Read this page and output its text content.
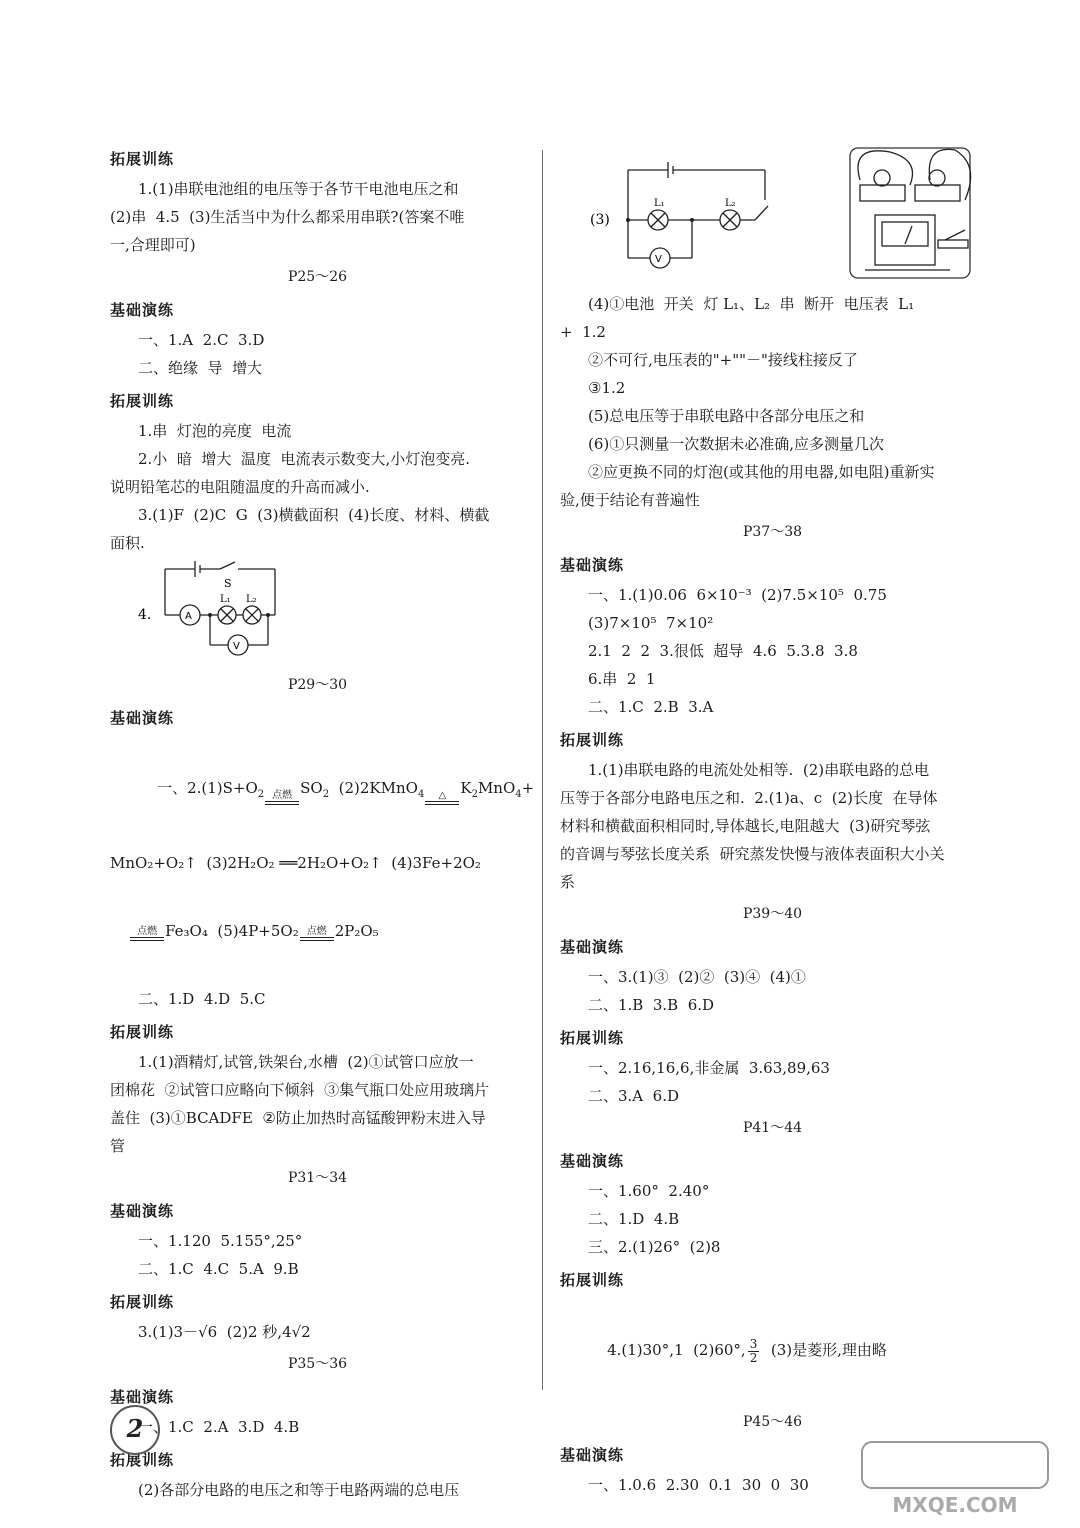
拓展训练
1.(1)串联电池组的电压等于各节干电池电压之和
(2)串  4.5  (3)生活当中为什么都采用串联?(答案不唯
一,合理即可)
P25～26
基础演练
一、1.A  2.C  3.D
二、绝缘  导  增大
拓展训练
1.串  灯泡的亮度  电流
2.小  暗  增大  温度  电流表示数变大,小灯泡变亮.
说明铅笔芯的电阻随温度的升高而减小.
3.(1)F  (2)C  G  (3)横截面积  (4)长度、材料、横截
面积.
4.
S
A
V
L₁ L₂
P29～30
基础演练

一、$2.(1)S+O_2$ 点燃 $SO_2$  (2)2KMnO$_4$	△ $K_2MnO_4+$

MnO₂+O₂↑  (3)2H₂O₂ ══2H₂O+O₂↑  (4)3Fe+2O₂

点燃 Fe₃O₄  (5)4P+5O₂ 点燃 2P₂O₅

二、1.D  4.D  5.C
拓展训练
1.(1)酒精灯,试管,铁架台,水槽  (2)①试管口应放一
团棉花  ②试管口应略向下倾斜  ③集气瓶口处应用玻璃片
盖住  (3)①BCADFE  ②防止加热时高锰酸钾粉末进入导
管
P31～34
基础演练
一、1.120  5.155°,25°
二、1.C  4.C  5.A  9.B
拓展训练
3.(1)3－√6  (2)2 秒,4√2
P35～36
基础演练
一、1.C  2.A  3.D  4.B
拓展训练
(2)各部分电路的电压之和等于电路两端的总电压
(3)
L₁	L₂
V
(4)①电池  开关  灯 L₁、L₂  串  断开  电压表  L₁
+  1.2
②不可行,电压表的"+""－"接线柱接反了
③1.2
(5)总电压等于串联电路中各部分电压之和
(6)①只测量一次数据未必准确,应多测量几次
②应更换不同的灯泡(或其他的用电器,如电阻)重新实
验,便于结论有普遍性
P37～38
基础演练
一、1.(1)0.06  6×10⁻³  (2)7.5×10⁵  0.75
(3)7×10⁵  7×10²
2.1  2  2  3.很低  超导  4.6  5.3.8  3.8
6.串  2  1
二、1.C  2.B  3.A
拓展训练
1.(1)串联电路的电流处处相等.  (2)串联电路的总电
压等于各部分电路电压之和.  2.(1)a、c  (2)长度  在导体
材料和横截面积相同时,导体越长,电阻越大  (3)研究琴弦
的音调与琴弦长度关系  研究蒸发快慢与液体表面积大小关
系
P39～40
基础演练
一、3.(1)③  (2)②  (3)④  (4)①
二、1.B  3.B  6.D
拓展训练
一、2.16,16,6,非金属  3.63,89,63
二、3.A  6.D
P41～44
基础演练
一、1.60°  2.40°
二、1.D  4.B
三、2.(1)26°  (2)8
拓展训练

4.(1)30°,1  (2)60°, $\frac{3}{2} (3)$是菱形,理由略

P45～46
基础演练
一、1.0.6  2.30  0.1  30  0  30
2
MXQE.COM
